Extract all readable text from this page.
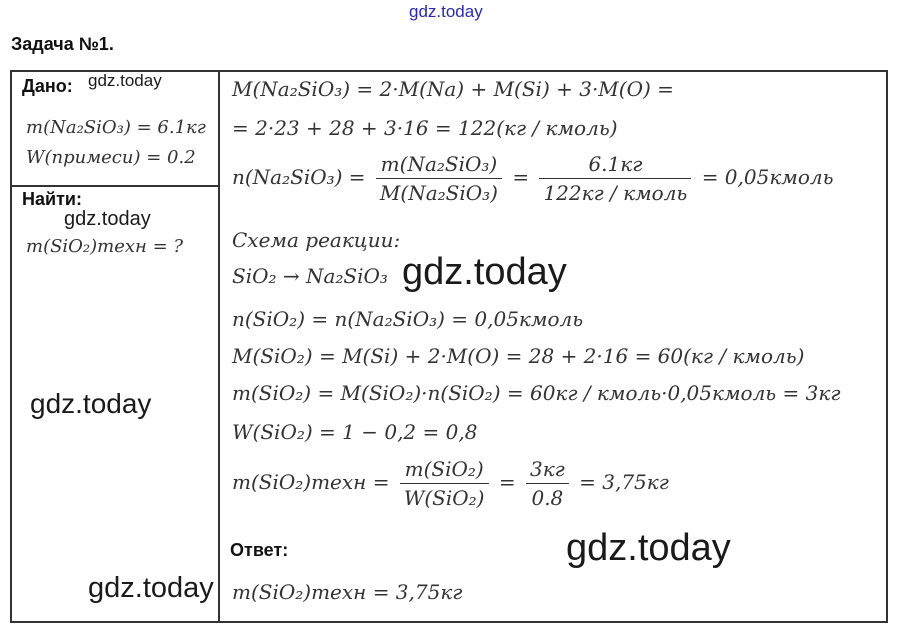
gdz.today
Задача №1.
Дано: gdz.today
m(Na₂SiO₃) = 6.1кг
W(примеси) = 0.2
Найти:
gdz.today
m(SiO₂)техн = ?
gdz.today
M(Na₂SiO₃) = 2·M(Na) + M(Si) + 3·M(O) =
= 2·23 + 28 + 3·16 = 122(кг / кмоль)
$n(Na_2SiO_3) = \frac{\text{m(Na₂SiO₃)}}{\text{M(Na₂SiO₃)}} = \frac{6.1кг}{\text{122кг / кмоль}}$ = 0,05кмоль
Схема реакции:
SiO₂ → Na₂SiO₃ gdz.today
n(SiO₂) = n(Na₂SiO₃) = 0,05кмоль
M(SiO₂) = M(Si) + 2·M(O) = 28 + 2·16 = 60(кг / кмоль)
m(SiO₂) = M(SiO₂)·n(SiO₂) = 60кг / кмоль·0,05кмоль = 3кг
W(SiO₂) = 1 − 0,2 = 0,8
m(SiO₂)техн = $\frac{\text{m(SiO₂)}}{\text{W(SiO₂)}} = \frac{3кг}{0.8} = 3,75кг$
Ответ:	gdz.today
gdz.today m(SiO₂)техн = 3,75кг
